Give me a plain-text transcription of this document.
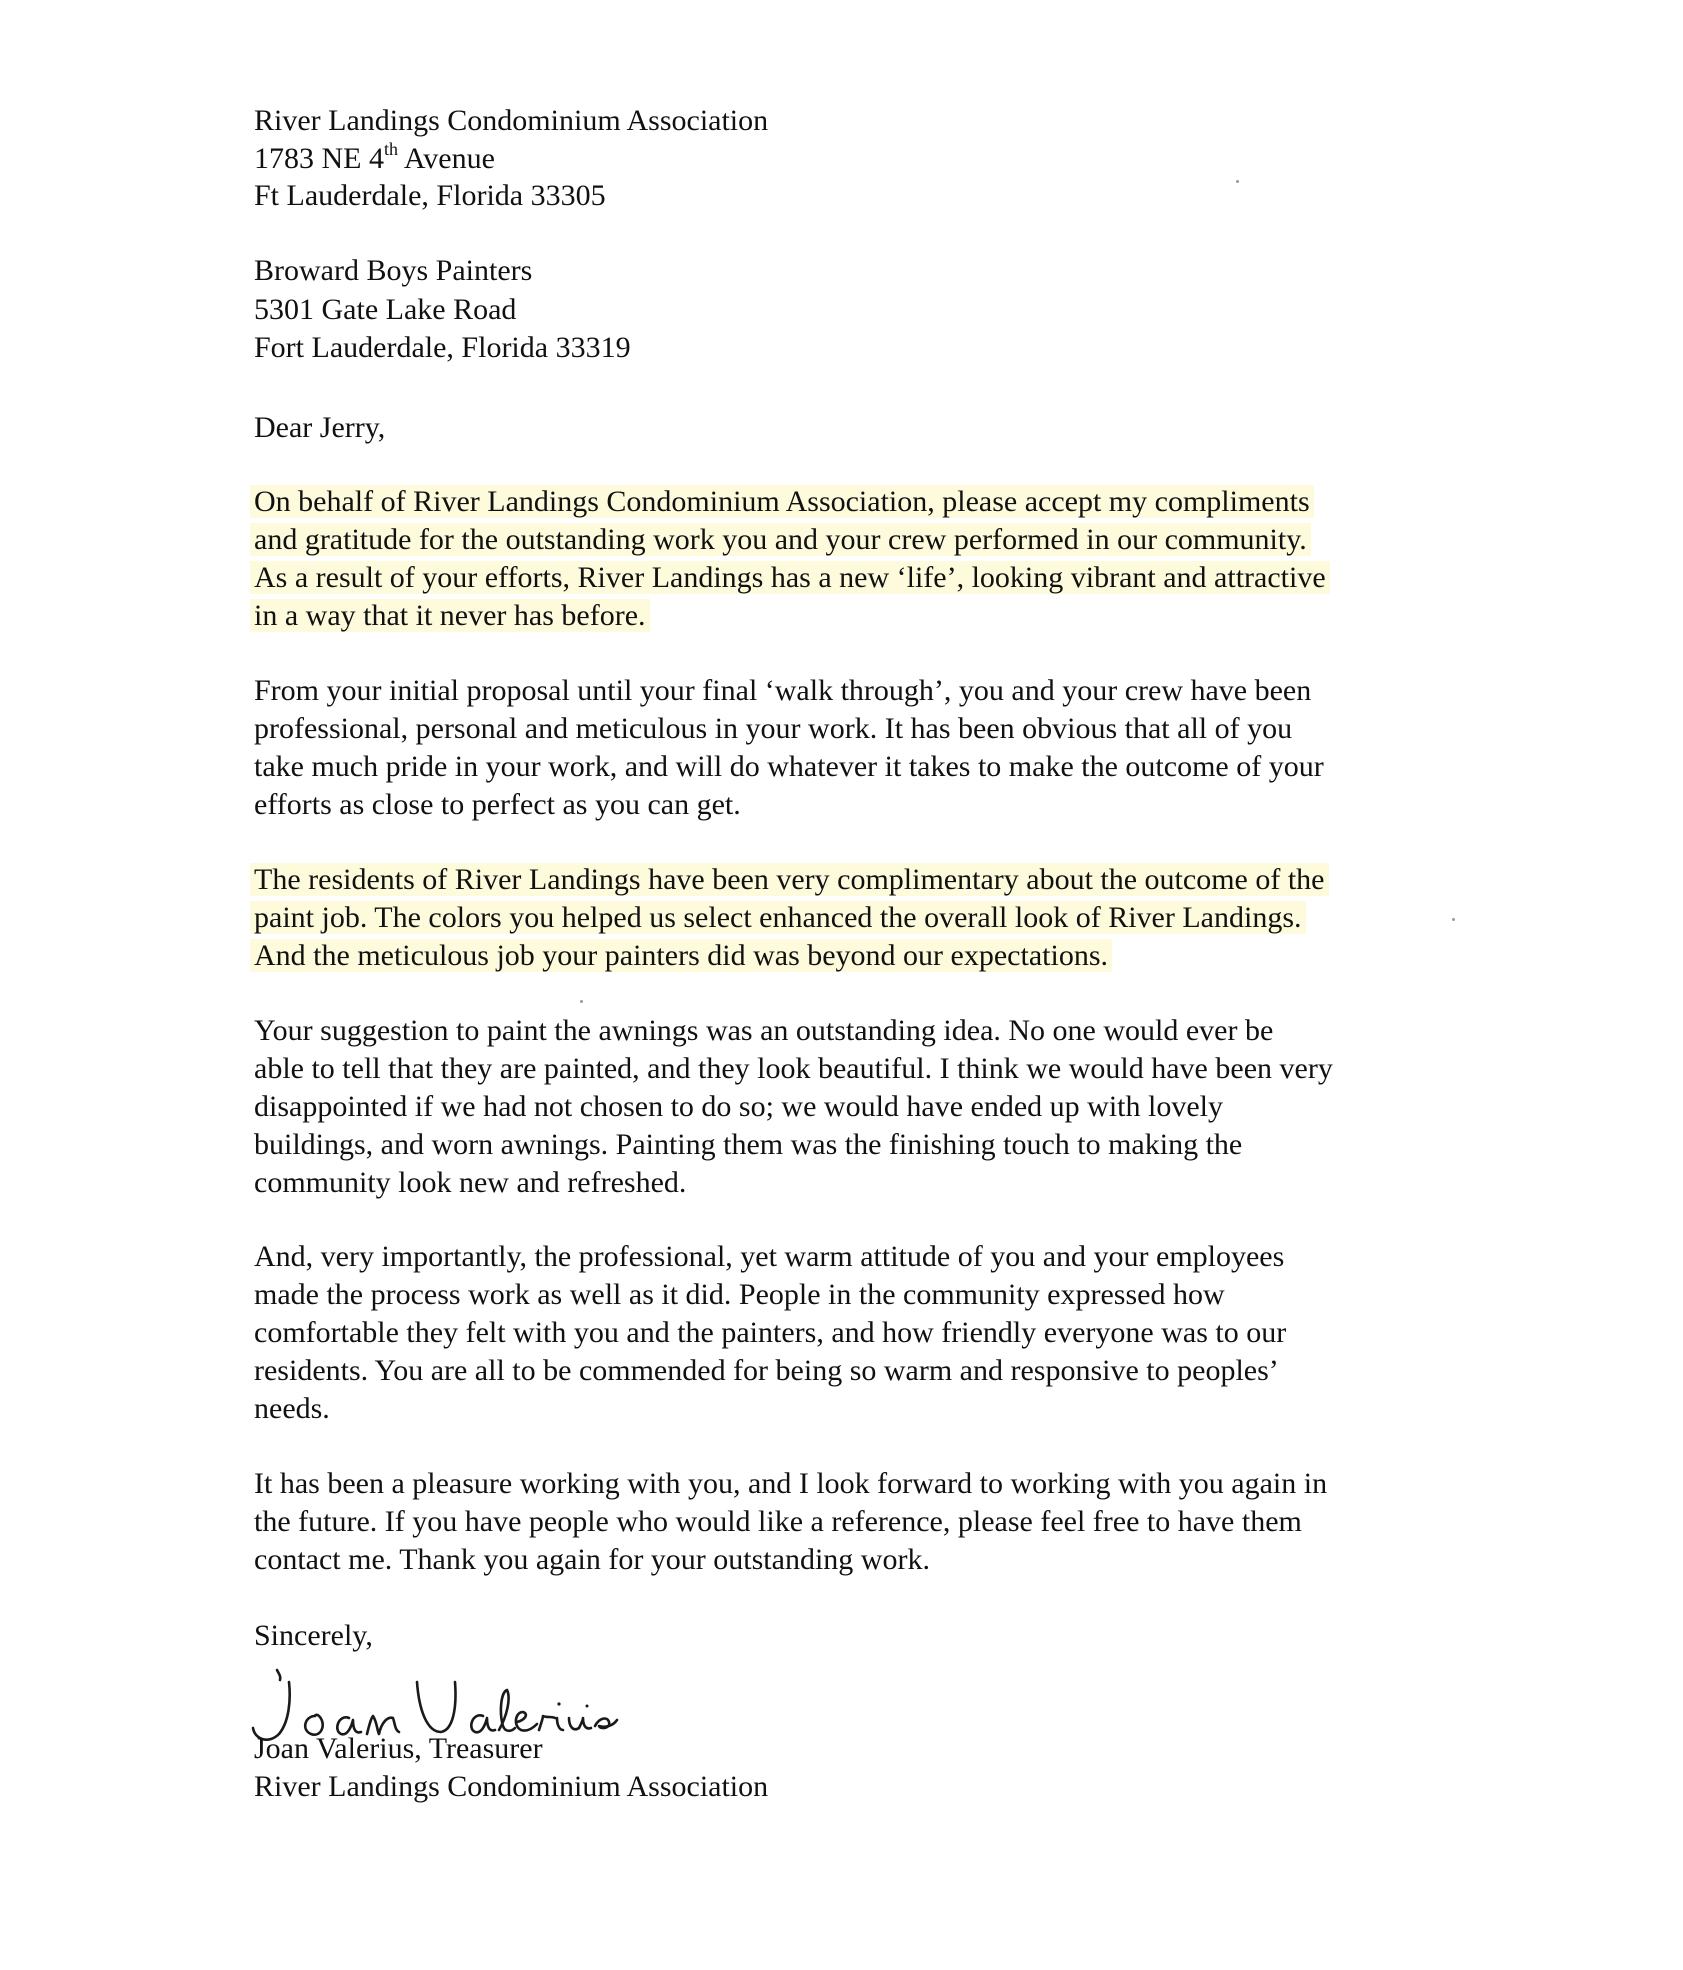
River Landings Condominium Association

1783 NE 4th Avenue

Ft Lauderdale, Florida 33305

Broward Boys Painters

5301 Gate Lake Road

Fort Lauderdale, Florida 33319

Dear Jerry,

On behalf of River Landings Condominium Association, please accept my compliments

and gratitude for the outstanding work you and your crew performed in our community.

As a result of your efforts, River Landings has a new ‘life’, looking vibrant and attractive

in a way that it never has before.

From your initial proposal until your final ‘walk through’, you and your crew have been

professional, personal and meticulous in your work. It has been obvious that all of you

take much pride in your work, and will do whatever it takes to make the outcome of your

efforts as close to perfect as you can get.

The residents of River Landings have been very complimentary about the outcome of the

paint job. The colors you helped us select enhanced the overall look of River Landings.

And the meticulous job your painters did was beyond our expectations.

Your suggestion to paint the awnings was an outstanding idea. No one would ever be

able to tell that they are painted, and they look beautiful. I think we would have been very

disappointed if we had not chosen to do so; we would have ended up with lovely

buildings, and worn awnings. Painting them was the finishing touch to making the

community look new and refreshed.

And, very importantly, the professional, yet warm attitude of you and your employees

made the process work as well as it did. People in the community expressed how

comfortable they felt with you and the painters, and how friendly everyone was to our

residents. You are all to be commended for being so warm and responsive to peoples’

needs.

It has been a pleasure working with you, and I look forward to working with you again in

the future. If you have people who would like a reference, please feel free to have them

contact me. Thank you again for your outstanding work.

Sincerely,

Joan Valerius, Treasurer

River Landings Condominium Association
